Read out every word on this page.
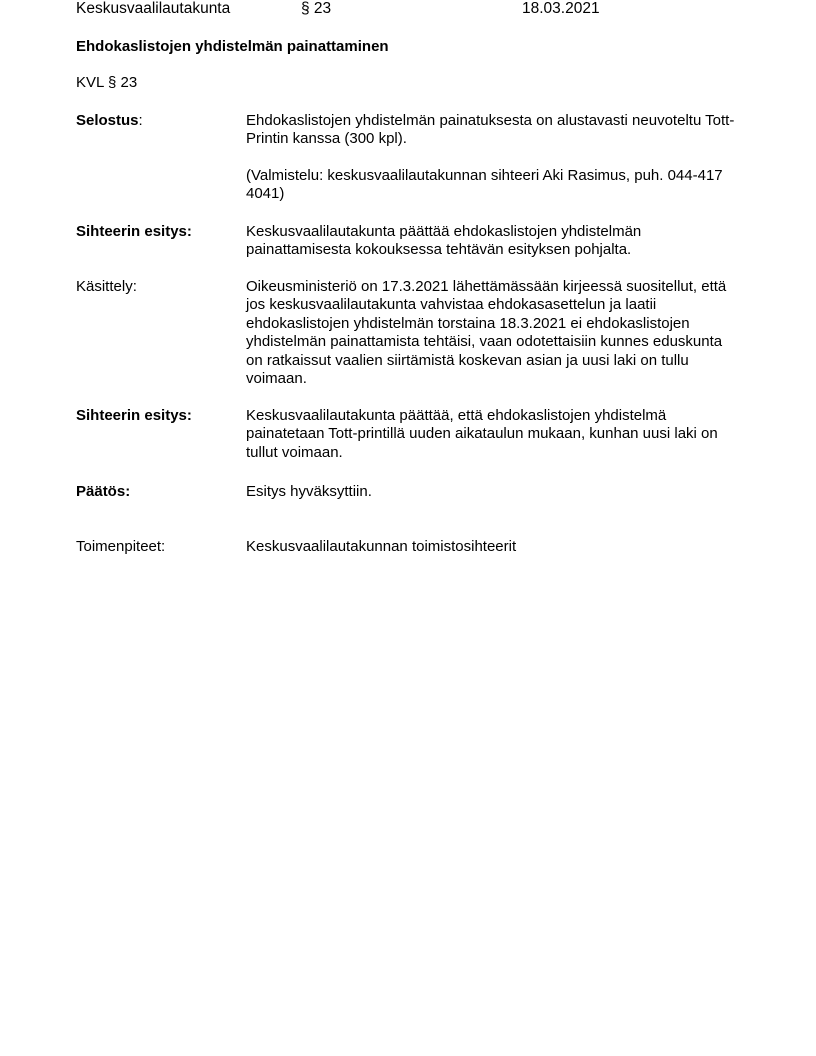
Keskusvaalilautakunta	§ 23	18.03.2021
Ehdokaslistojen yhdistelmän painattaminen
KVL § 23
Selostus:	Ehdokaslistojen yhdistelmän painatuksesta on alustavasti neuvoteltu Tott-Printin kanssa (300 kpl).

(Valmistelu: keskusvaalilautakunnan sihteeri Aki Rasimus, puh. 044-417 4041)

Sihteerin esitys:	Keskusvaalilautakunta päättää ehdokaslistojen yhdistelmän painattamisesta kokouksessa tehtävän esityksen pohjalta.

Käsittely:	Oikeusministeriö on 17.3.2021 lähettämässään kirjeessä suositellut, että jos keskusvaalilautakunta vahvistaa ehdokasasettelun ja laatii ehdokaslistojen yhdistelmän torstaina 18.3.2021 ei ehdokaslistojen yhdistelmän painattamista tehtäisi, vaan odotettaisiin kunnes eduskunta on ratkaissut vaalien siirtämistä koskevan asian ja uusi laki on tullu voimaan.

Sihteerin esitys:	Keskusvaalilautakunta päättää, että ehdokaslistojen yhdistelmä painatetaan Tott-printillä uuden aikataulun mukaan, kunhan uusi laki on tullut voimaan.

Päätös:	Esitys hyväksyttiin.

Toimenpiteet:	Keskusvaalilautakunnan toimistosihteerit
